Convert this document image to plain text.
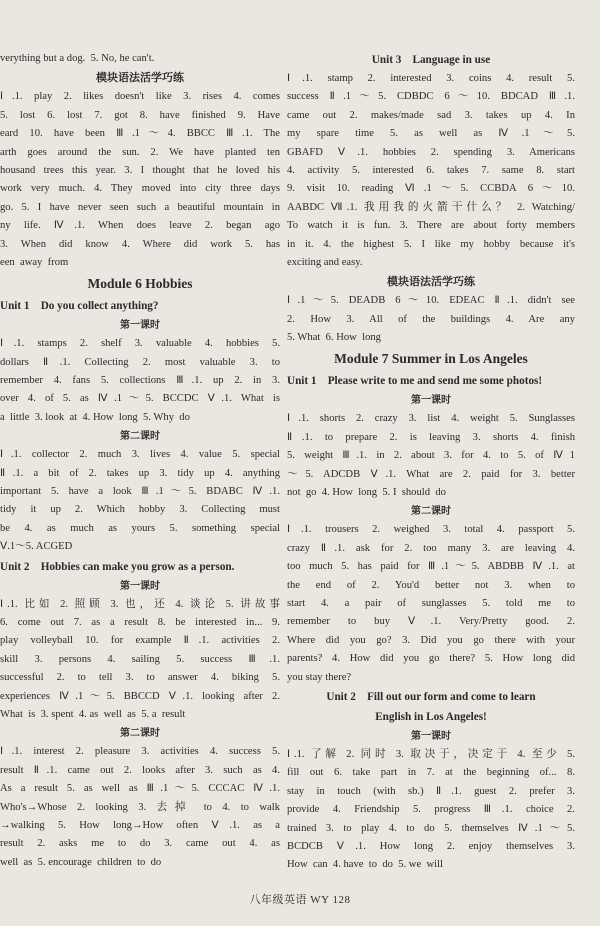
verything but a dog.  5. No, he can't.
模块语法活学巧练
Ⅰ.1. play 2. likes doesn't like 3. rises 4. comes
5. lost 6. lost 7. got 8. have finished 9. Have
eard 10. have been Ⅲ.1～4. BBCC Ⅲ.1. The
arth goes around the sun. 2. We have planted ten
housand trees this year. 3. I thought that he loved his
work very much. 4. They moved into city three days
go. 5. I have never seen such a beautiful mountain in
ny life. Ⅳ.1. When does leave 2. began ago
3. When did know 4. Where did work 5. has
een  away  from
Module 6 Hobbies
Unit 1    Do you collect anything?
第一课时
Ⅰ.1. stamps 2. shelf 3. valuable 4. hobbies 5.
dollars Ⅱ.1. Collecting 2. most valuable 3. to
remember 4. fans 5. collections Ⅲ.1. up 2. in 3.
over 4. of 5. as Ⅳ.1～5. BCCDC Ⅴ.1. What is
a  little  3. look  at  4. How  long  5. Why  do
第二课时
Ⅰ.1. collector 2. much 3. lives 4. value 5. special
Ⅱ.1. a bit of 2. takes up 3. tidy up 4. anything
important 5. have a look Ⅲ.1～5. BDABC Ⅳ.1.
tidy it up 2. Which hobby 3. Collecting must
be 4. as much as yours 5. something special
Ⅴ.1～5. ACGED
Unit 2    Hobbies can make you grow as a person.
第一课时
Ⅰ.1. 比如 2. 照顾 3. 也，还 4. 谈论 5. 讲故事
6. come out 7. as a result 8. be interested in... 9.
play volleyball 10. for example Ⅱ.1. activities 2.
skill 3. persons 4. sailing 5. success Ⅲ.1.
successful 2. to tell 3. to answer 4. biking 5.
experiences Ⅳ.1～5. BBCCD Ⅴ.1. looking after 2.
What  is  3. spent  4. as  well  as  5. a  result
第二课时
Ⅰ.1. interest 2. pleasure 3. activities 4. success 5.
result Ⅱ.1. came out 2. looks after 3. such as 4.
As a result 5. as well as Ⅲ.1～5. CCCAC Ⅳ.1.
Who's→Whose 2. looking 3. 去掉 to 4. to walk
→walking 5. How long→How often Ⅴ.1. as a
result 2. asks me to do 3. came out 4. as
well  as  5. encourage  children  to  do
Unit 3    Language in use
Ⅰ.1. stamp 2. interested 3. coins 4. result 5.
success Ⅱ.1～5. CDBDC 6～10. BDCAD Ⅲ.1.
came out 2. makes/made sad 3. takes up 4. In
my spare time 5. as well as Ⅳ.1～5.
GBAFD Ⅴ.1. hobbies 2. spending 3. Americans
4. activity 5. interested 6. takes 7. same 8. start
9. visit 10. reading Ⅵ.1～5. CCBDA 6～10.
AABDC Ⅶ.1. 我用我的火箭干什么？ 2. Watching/
To watch it is fun. 3. There are about forty members
in it. 4. the highest 5. I like my hobby because it's
exciting and easy.
模块语法活学巧练
Ⅰ.1～5. DEADB 6～10. EDEAC Ⅱ.1. didn't see
2. How 3. All of the buildings 4. Are any
5. What  6. How  long
Module 7 Summer in Los Angeles
Unit 1    Please write to me and send me some photos!
第一课时
Ⅰ.1. shorts 2. crazy 3. list 4. weight 5. Sunglasses
Ⅱ.1. to prepare 2. is leaving 3. shorts 4. finish
5. weight Ⅲ.1. in 2. about 3. for 4. to 5. of Ⅳ1
～5. ADCDB Ⅴ.1. What are 2. paid for 3. better
not  go  4. How  long  5. I  should  do
第二课时
Ⅰ.1. trousers 2. weighed 3. total 4. passport 5.
crazy Ⅱ.1. ask for 2. too many 3. are leaving 4.
too much 5. has paid for Ⅲ.1～5. ABDBB Ⅳ.1. at
the end of 2. You'd better not 3. when to
start 4. a pair of sunglasses 5. told me to
remember to buy Ⅴ.1. Very/Pretty good. 2.
Where did you go? 3. Did you go there with your
parents? 4. How did you go there? 5. How long did
you stay there?
Unit 2    Fill out our form and come to learn
English in Los Angeles!
第一课时
Ⅰ.1. 了解 2. 同时 3. 取决于，决定于 4. 至少 5.
fill out 6. take part in 7. at the beginning of... 8.
stay in touch (with sb.) Ⅱ.1. guest 2. prefer 3.
provide 4. Friendship 5. progress Ⅲ.1. choice 2.
trained 3. to play 4. to do 5. themselves Ⅳ.1～5.
BCDCB Ⅴ.1. How long 2. enjoy themselves 3.
How  can  4. have  to  do  5. we  will
八年级英语 WY 128
